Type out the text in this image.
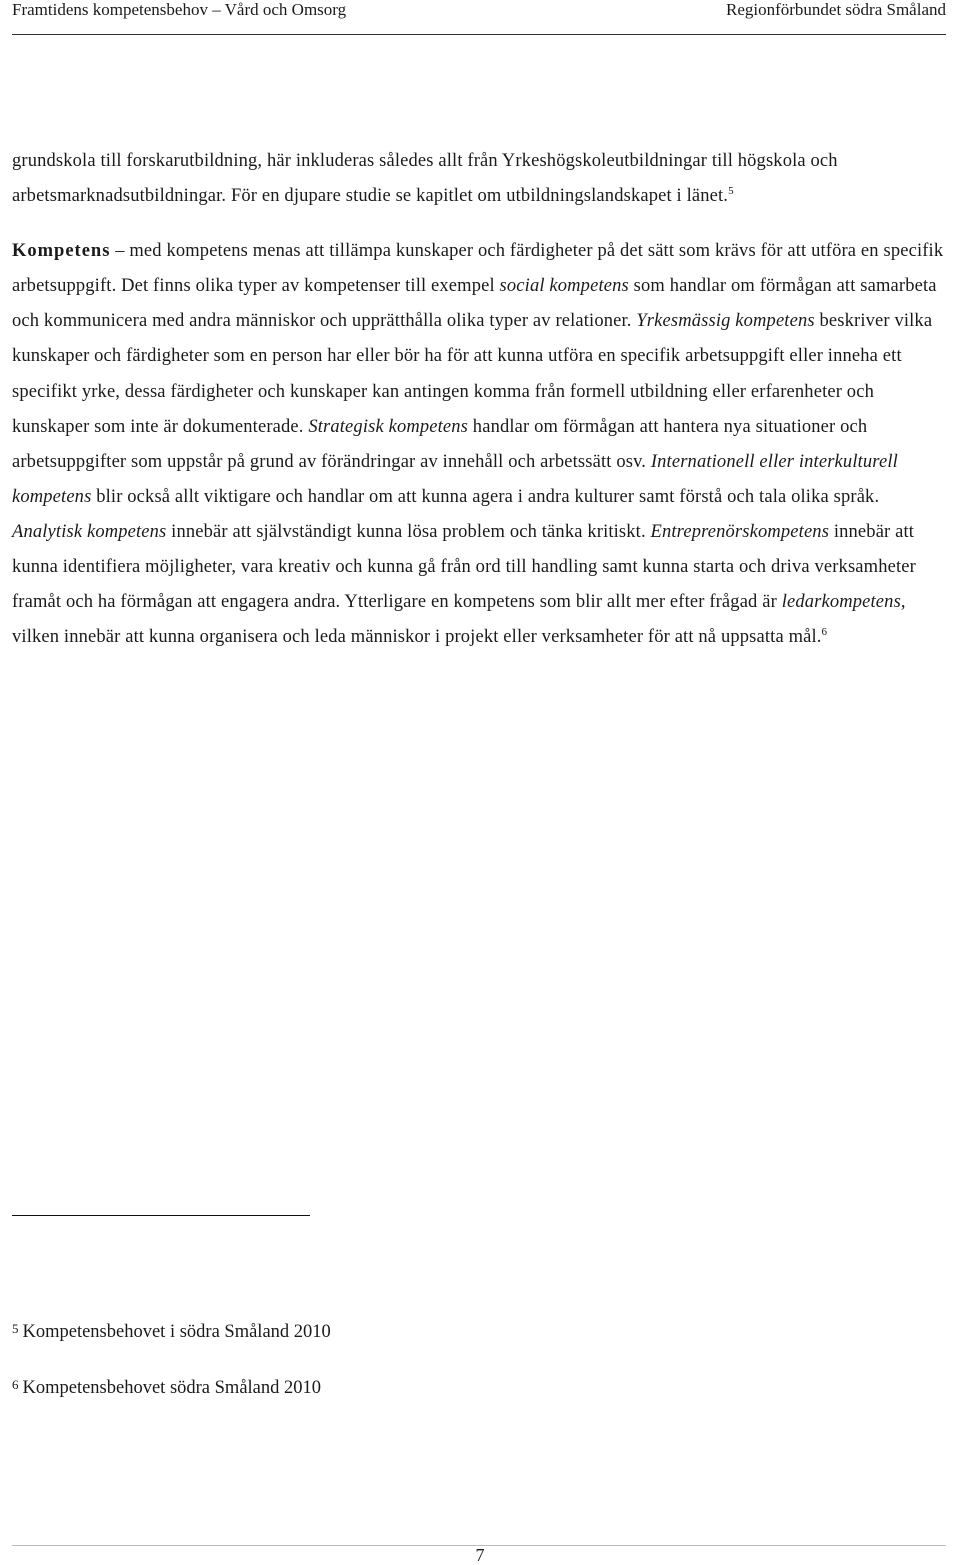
Framtidens kompetensbehov – Vård och Omsorg	Regionförbundet södra Småland

grundskola till forskarutbildning, här inkluderas således allt från Yrkeshögskoleutbildningar till högskola och arbetsmarknadsutbildningar. För en djupare studie se kapitlet om utbildningslandskapet i länet.$^5$

Kompetens – med kompetens menas att tillämpa kunskaper och färdigheter på det sätt som krävs för att utföra en specifik arbetsuppgift. Det finns olika typer av kompetenser till exempel social kompetens som handlar om förmågan att samarbeta och kommunicera med andra människor och upprätthålla olika typer av relationer. Yrkesmässig kompetens beskriver vilka kunskaper och färdigheter som en person har eller bör ha för att kunna utföra en specifik arbetsuppgift eller inneha ett specifikt yrke, dessa färdigheter och kunskaper kan antingen komma från formell utbildning eller erfarenheter och kunskaper som inte är dokumenterade. Strategisk kompetens handlar om förmågan att hantera nya situationer och arbetsuppgifter som uppstår på grund av förändringar av innehåll och arbetssätt osv. Internationell eller interkulturell kompetens blir också allt viktigare och handlar om att kunna agera i andra kulturer samt förstå och tala olika språk. Analytisk kompetens innebär att självständigt kunna lösa problem och tänka kritiskt. Entreprenörskompetens innebär att kunna identifiera möjligheter, vara kreativ och kunna gå från ord till handling samt kunna starta och driva verksamheter framåt och ha förmågan att engagera andra. Ytterligare en kompetens som blir allt mer efter frågad är ledarkompetens, vilken innebär att kunna organisera och leda människor i projekt eller verksamheter för att nå uppsatta mål.$^6$

$^5$ Kompetensbehovet i södra Småland 2010
$^6$ Kompetensbehovet södra Småland 2010
7
